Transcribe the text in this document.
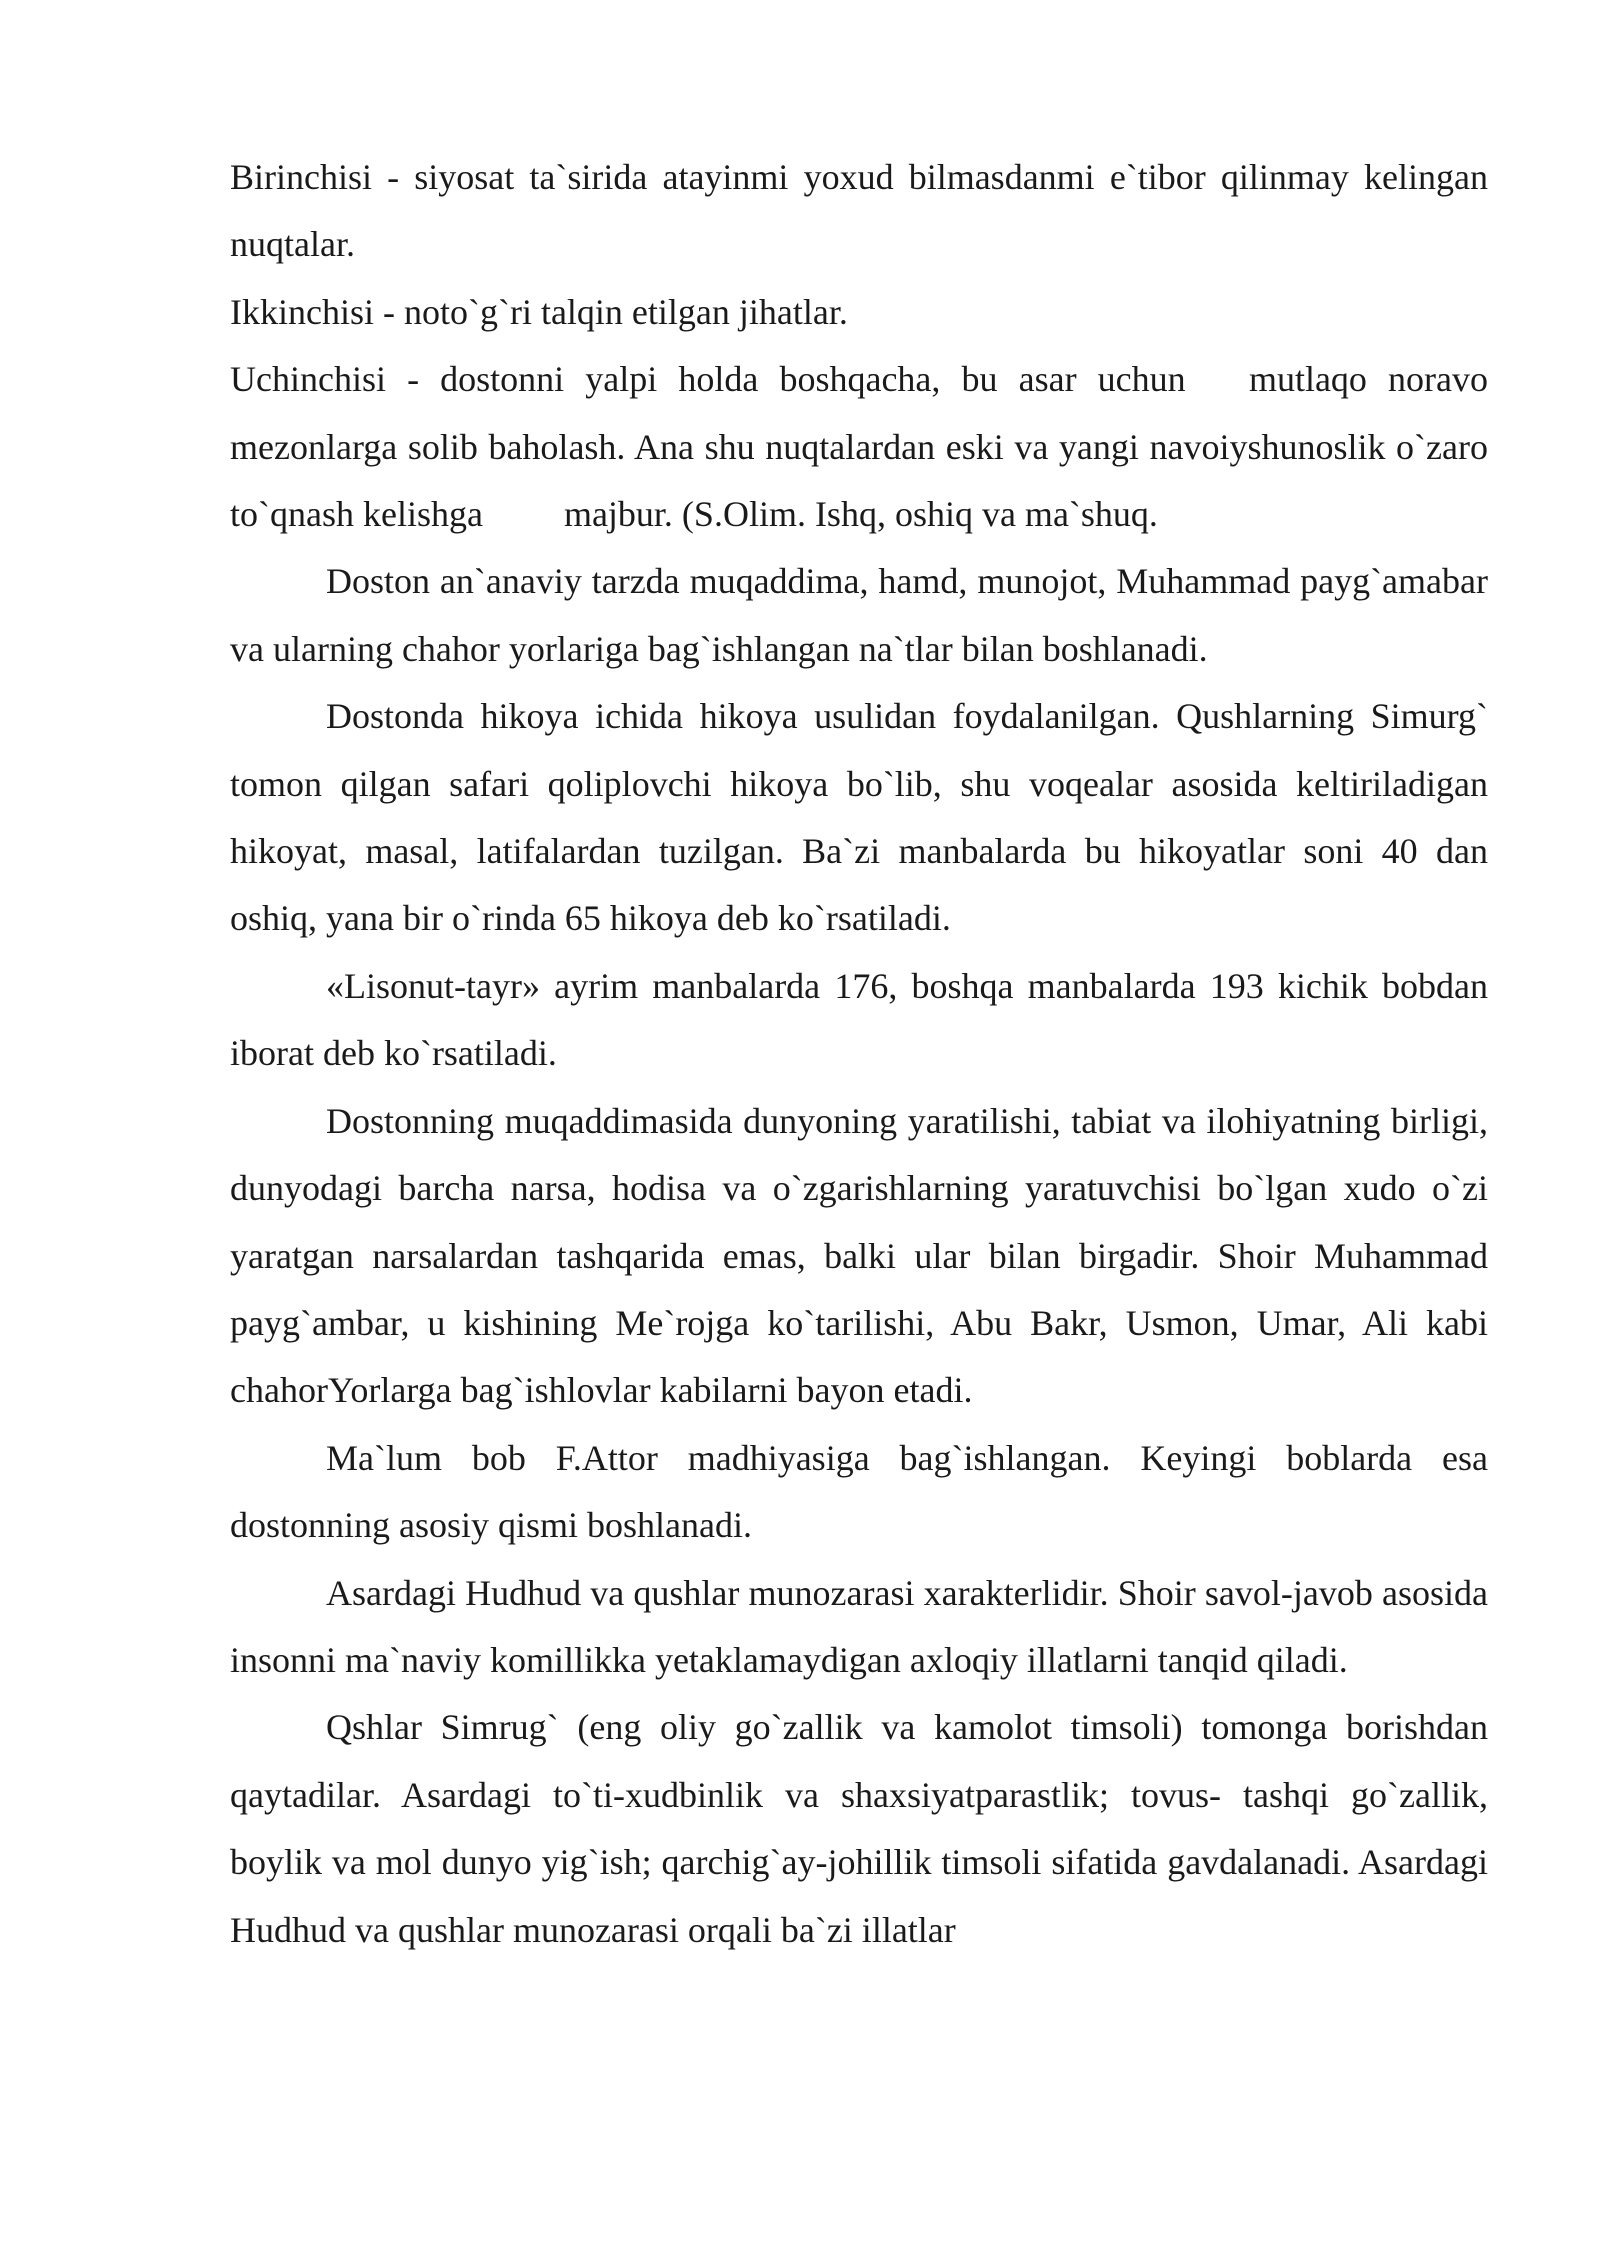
Birinchisi - siyosat ta`sirida atayinmi yoxud bilmasdanmi e`tibor qilinmay kelingan nuqtalar.

Ikkinchisi - noto`g`ri talqin etilgan jihatlar.

Uchinchisi - dostonni yalpi holda boshqacha, bu asar uchun   mutlaqo noravo mezonlarga solib baholash. Ana shu nuqtalardan eski va yangi navoiyshunoslik o`zaro to`qnash kelishga         majbur. (S.Olim. Ishq, oshiq va ma`shuq.

Doston an`anaviy tarzda muqaddima, hamd, munojot, Muhammad payg`amabar va ularning chahor yorlariga bag`ishlangan na`tlar bilan boshlanadi.

Dostonda hikoya ichida hikoya usulidan foydalanilgan. Qushlarning Simurg` tomon qilgan safari qoliplovchi hikoya bo`lib, shu voqealar asosida keltiriladigan hikoyat, masal, latifalardan tuzilgan. Ba`zi manbalarda bu hikoyatlar soni 40 dan oshiq, yana bir o`rinda 65 hikoya deb ko`rsatiladi.

«Lisonut-tayr» ayrim manbalarda 176, boshqa manbalarda 193 kichik bobdan iborat deb ko`rsatiladi.

Dostonning muqaddimasida dunyoning yaratilishi, tabiat va ilohiyatning birligi, dunyodagi barcha narsa, hodisa va o`zgarishlarning yaratuvchisi bo`lgan xudo o`zi yaratgan narsalardan tashqarida emas, balki ular bilan birgadir. Shoir Muhammad payg`ambar, u kishining Me`rojga ko`tarilishi, Abu Bakr, Usmon, Umar, Ali kabi chahorYorlarga bag`ishlovlar kabilarni bayon etadi.

Ma`lum bob F.Attor madhiyasiga bag`ishlangan. Keyingi boblarda esa dostonning asosiy qismi boshlanadi.

Asardagi Hudhud va qushlar munozarasi xarakterlidir. Shoir savol-javob asosida insonni ma`naviy komillikka yetaklamaydigan axloqiy illatlarni tanqid qiladi.

Qshlar Simrug` (eng oliy go`zallik va kamolot timsoli) tomonga borishdan qaytadilar. Asardagi to`ti-xudbinlik va shaxsiyatparastlik; tovus- tashqi go`zallik, boylik va mol dunyo yig`ish; qarchig`ay-johillik timsoli sifatida gavdalanadi. Asardagi Hudhud va qushlar munozarasi orqali ba`zi illatlar
